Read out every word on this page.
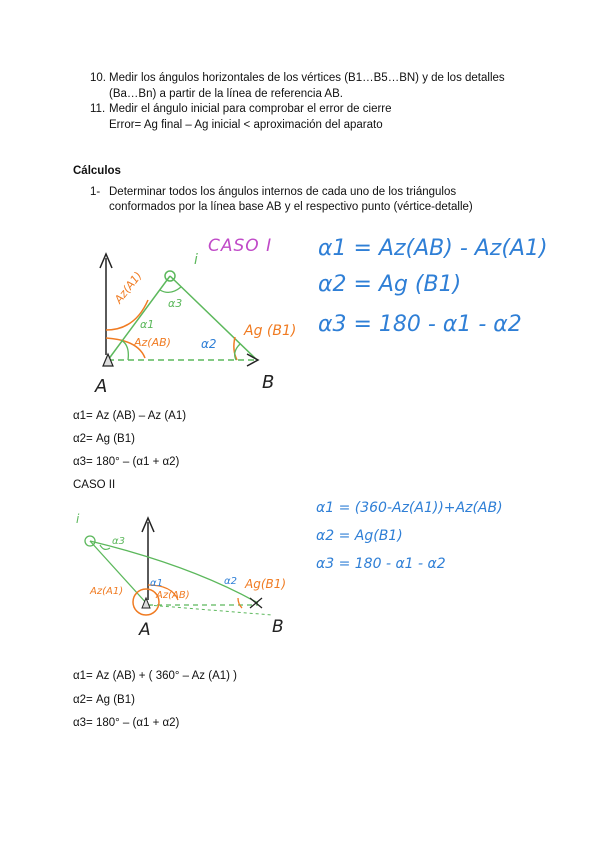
10. Medir los ángulos horizontales de los vértices (B1…B5…BN) y de los detalles
(Ba…Bn) a partir de la línea de referencia AB.
11. Medir el ángulo inicial para comprobar el error de cierre
Error= Ag final – Ag inicial < aproximación del aparato
Cálculos
1- Determinar todos los ángulos internos de cada uno de los triángulos
conformados por la línea base AB y el respectivo punto (vértice-detalle)
i
A	B
Az(A1)
Az(AB)
α1
α3
α2
Ag (B1)
CASO I α1 = Az(AB) - Az(A1)
α2 = Ag (B1)
α3 = 180 - α1 - α2
α1= Az (AB) – Az (A1)
α2= Ag (B1)
α3= 180° – (α1 + α2)
CASO II
i
A	B
Az(A1)	Az(AB)
α1
α3
α2 Ag(B1)
α1 = (360-Az(A1))+Az(AB)
α2 = Ag(B1)
α3 = 180 - α1 - α2
α1= Az (AB) + ( 360° – Az (A1) )
α2= Ag (B1)
α3= 180° – (α1 + α2)
